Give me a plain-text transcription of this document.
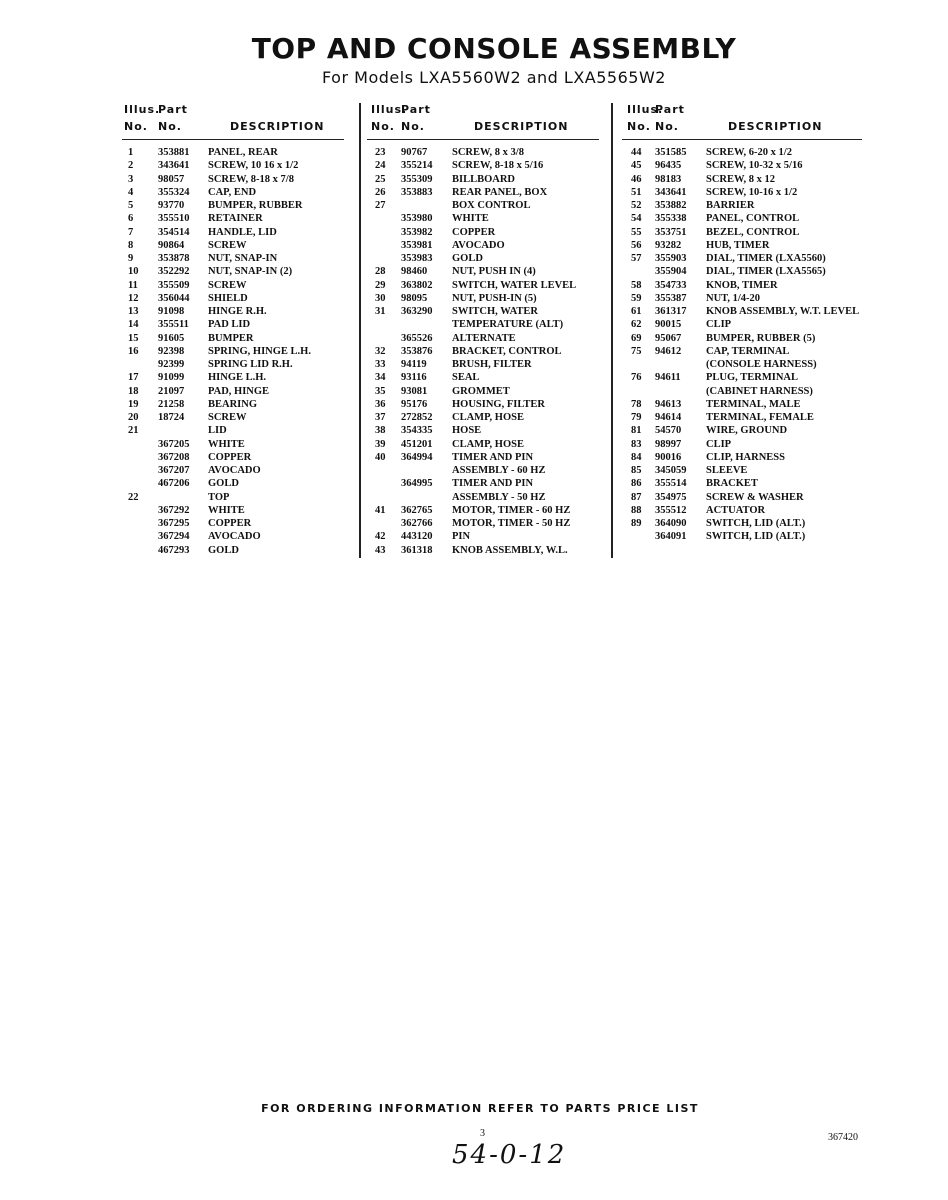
TOP AND CONSOLE ASSEMBLY
For Models LXA5560W2 and LXA5565W2
Illus.
Part
No. No.	DESCRIPTION
1 353881 PANEL, REAR
2 343641 SCREW, 10 16 x 1/2
3 98057 SCREW, 8-18 x 7/8
4 355324 CAP, END
5 93770 BUMPER, RUBBER
6 355510 RETAINER
7 354514 HANDLE, LID
8 90864 SCREW
9 353878 NUT, SNAP-IN
10 352292 NUT, SNAP-IN (2)
11 355509 SCREW
12 356044 SHIELD
13 91098 HINGE R.H.
14 355511 PAD LID
15 91605 BUMPER
16 92398 SPRING, HINGE L.H.
92399 SPRING LID R.H.
17 91099 HINGE L.H.
18 21097 PAD, HINGE
19 21258 BEARING
20 18724 SCREW
21	LID
367205 WHITE
367208 COPPER
367207 AVOCADO
467206 GOLD
22	TOP
367292 WHITE
367295 COPPER
367294 AVOCADO
467293 GOLD
Illus.
Part
No. No.	DESCRIPTION
23 90767 SCREW, 8 x 3/8
24 355214 SCREW, 8-18 x 5/16
25 355309 BILLBOARD
26 353883 REAR PANEL, BOX
27	BOX CONTROL
353980 WHITE
353982 COPPER
353981 AVOCADO
353983 GOLD
28 98460 NUT, PUSH IN (4)
29 363802 SWITCH, WATER LEVEL
30 98095 NUT, PUSH-IN (5)
31 363290 SWITCH, WATER
TEMPERATURE (ALT)
365526 ALTERNATE
32 353876 BRACKET, CONTROL
33 94119 BRUSH, FILTER
34 93116 SEAL
35 93081 GROMMET
36 95176 HOUSING, FILTER
37 272852 CLAMP, HOSE
38 354335 HOSE
39 451201 CLAMP, HOSE
40 364994 TIMER AND PIN
ASSEMBLY - 60 HZ
364995 TIMER AND PIN
ASSEMBLY - 50 HZ
41 362765 MOTOR, TIMER - 60 HZ
362766 MOTOR, TIMER - 50 HZ
42 443120 PIN
43 361318 KNOB ASSEMBLY, W.L.
Illus.
Part
No. No.	DESCRIPTION
44 351585 SCREW, 6-20 x 1/2
45 96435 SCREW, 10-32 x 5/16
46 98183 SCREW, 8 x 12
51 343641 SCREW, 10-16 x 1/2
52 353882 BARRIER
54 355338 PANEL, CONTROL
55 353751 BEZEL, CONTROL
56 93282 HUB, TIMER
57 355903 DIAL, TIMER (LXA5560)
355904 DIAL, TIMER (LXA5565)
58 354733 KNOB, TIMER
59 355387 NUT, 1/4-20
61 361317 KNOB ASSEMBLY, W.T. LEVEL
62 90015 CLIP
69 95067 BUMPER, RUBBER (5)
75 94612 CAP, TERMINAL
(CONSOLE HARNESS)
76 94611 PLUG, TERMINAL
(CABINET HARNESS)
78 94613 TERMINAL, MALE
79 94614 TERMINAL, FEMALE
81 54570 WIRE, GROUND
83 98997 CLIP
84 90016 CLIP, HARNESS
85 345059 SLEEVE
86 355514 BRACKET
87 354975 SCREW & WASHER
88 355512 ACTUATOR
89 364090 SWITCH, LID (ALT.)
364091 SWITCH, LID (ALT.)
FOR ORDERING INFORMATION REFER TO PARTS PRICE LIST
3
54-0-12
367420
